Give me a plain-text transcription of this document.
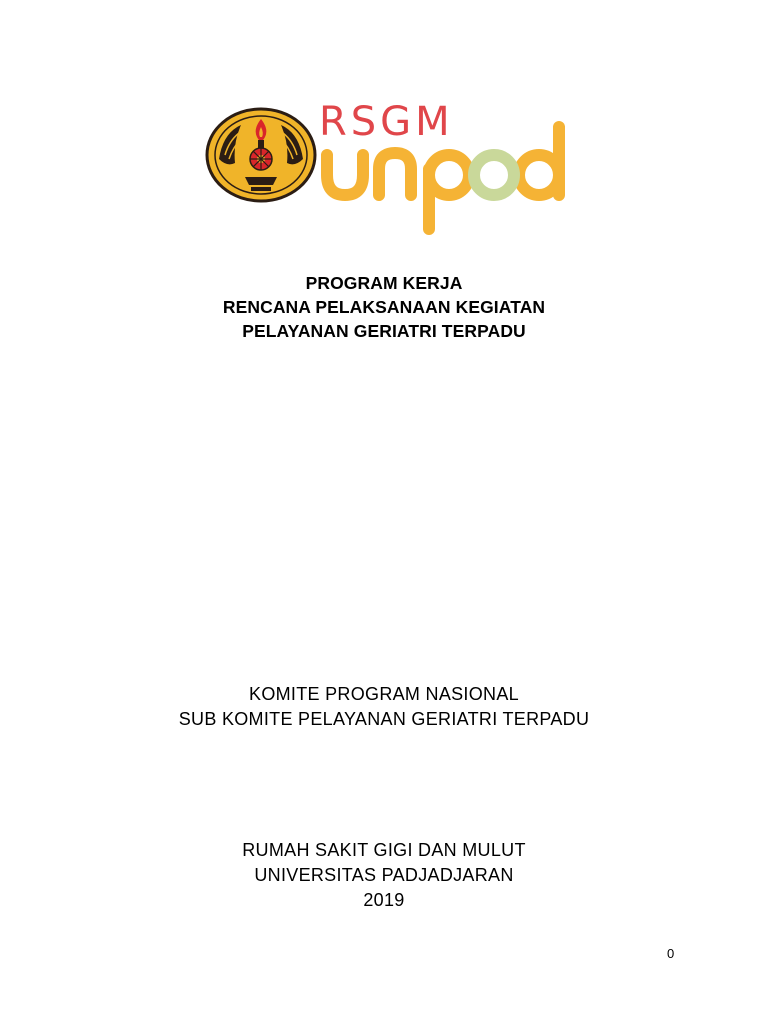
RSGM
PROGRAM KERJA
RENCANA PELAKSANAAN KEGIATAN
PELAYANAN GERIATRI TERPADU
KOMITE PROGRAM NASIONAL
SUB KOMITE PELAYANAN GERIATRI TERPADU
RUMAH SAKIT GIGI DAN MULUT
UNIVERSITAS PADJADJARAN
2019
0
